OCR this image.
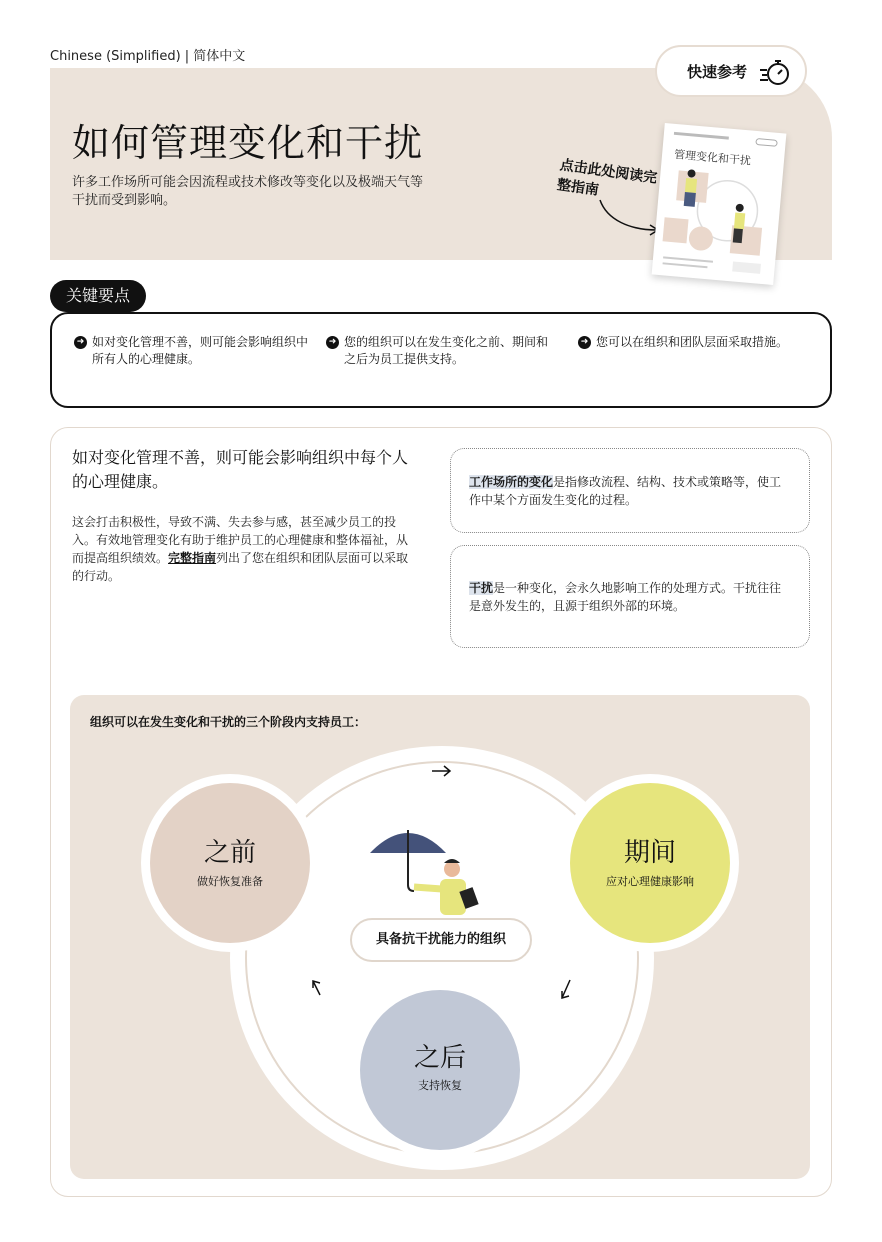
Chinese (Simplified) | 简体中文
快速参考
如何管理变化和干扰

许多工作场所可能会因流程或技术修改等变化以及极端天气等干扰而受到影响。

点击此处阅读完整指南
管理变化和干扰
关键要点
➜ 如对变化管理不善，则可能会影响组织中所有人的心理健康。
➜ 您的组织可以在发生变化之前、期间和之后为员工提供支持。
➜ 您可以在组织和团队层面采取措施。

如对变化管理不善，则可能会影响组织中每个人的心理健康。

这会打击积极性，导致不满、失去参与感，甚至减少员工的投入。有效地管理变化有助于维护员工的心理健康和整体福祉，从而提高组织绩效。完整指南列出了您在组织和团队层面可以采取的行动。

工作场所的变化是指修改流程、结构、技术或策略等，使工作中某个方面发生变化的过程。
干扰是一种变化，会永久地影响工作的处理方式。干扰往往是意外发生的，且源于组织外部的环境。
组织可以在发生变化和干扰的三个阶段内支持员工：
之前
做好恢复准备
期间
应对心理健康影响
之后
支持恢复
具备抗干扰能力的组织
